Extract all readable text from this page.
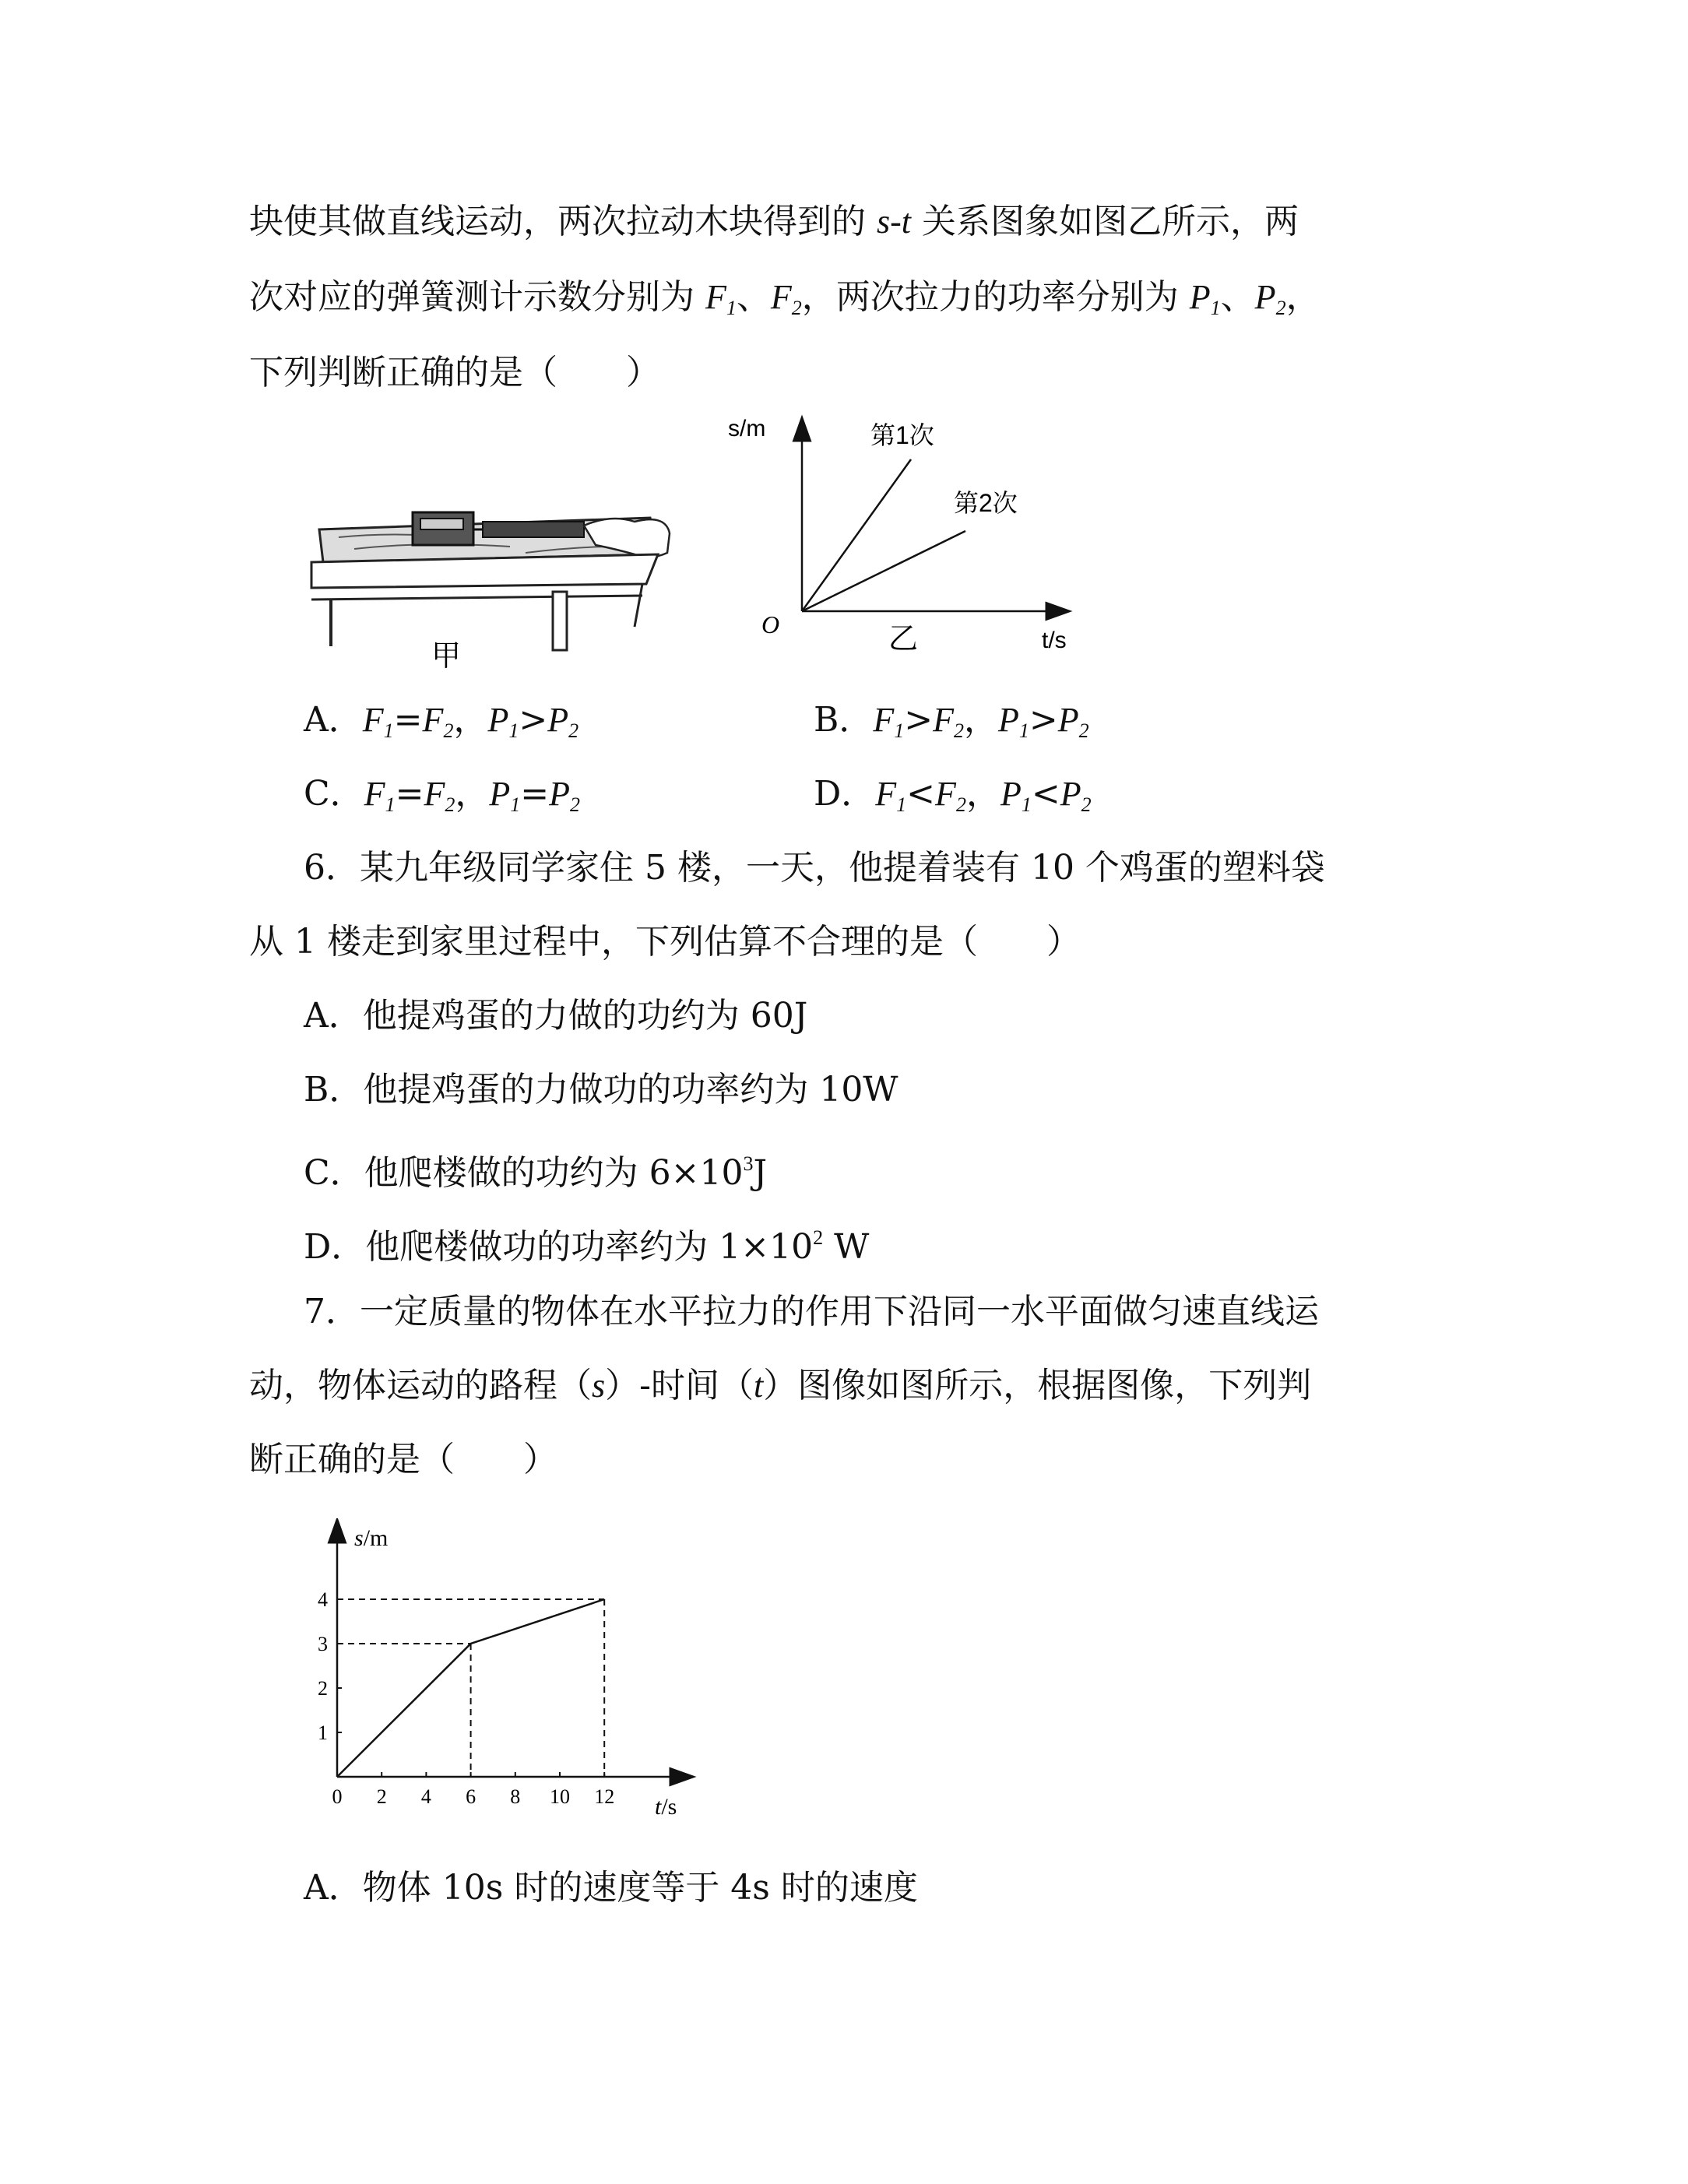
块使其做直线运动，两次拉动木块得到的 s-t 关系图象如图乙所示，两
次对应的弹簧测计示数分别为 $F_1$、$F_2$，两次拉力的功率分别为 $P_1$、$P_2$，
下列判断正确的是（　　）
甲
s/m
t/s
O	乙
第1次
第2次
A．$F_1=F_2$，$P_1>P_2$	B．$F_1>F_2$，$P_1>P_2$
C．$F_1=F_2$，$P_1=P_2$	D．$F_1<F_2$，$P_1<P_2$
6．某九年级同学家住 5 楼，一天，他提着装有 10 个鸡蛋的塑料袋
从 1 楼走到家里过程中，下列估算不合理的是（　　）
A．他提鸡蛋的力做的功约为 60J
B．他提鸡蛋的力做功的功率约为 10W
C．他爬楼做的功约为 $6\times 10^3J$
D．他爬楼做功的功率约为 $1\times 10^2$ W
7．一定质量的物体在水平拉力的作用下沿同一水平面做匀速直线运
动，物体运动的路程（s）-时间（t）图像如图所示，根据图像，下列判
断正确的是（　　）
0 2 4 6 8 10 12
1
2
3
4
s/m
t/s
A．物体 10s 时的速度等于 4s 时的速度
